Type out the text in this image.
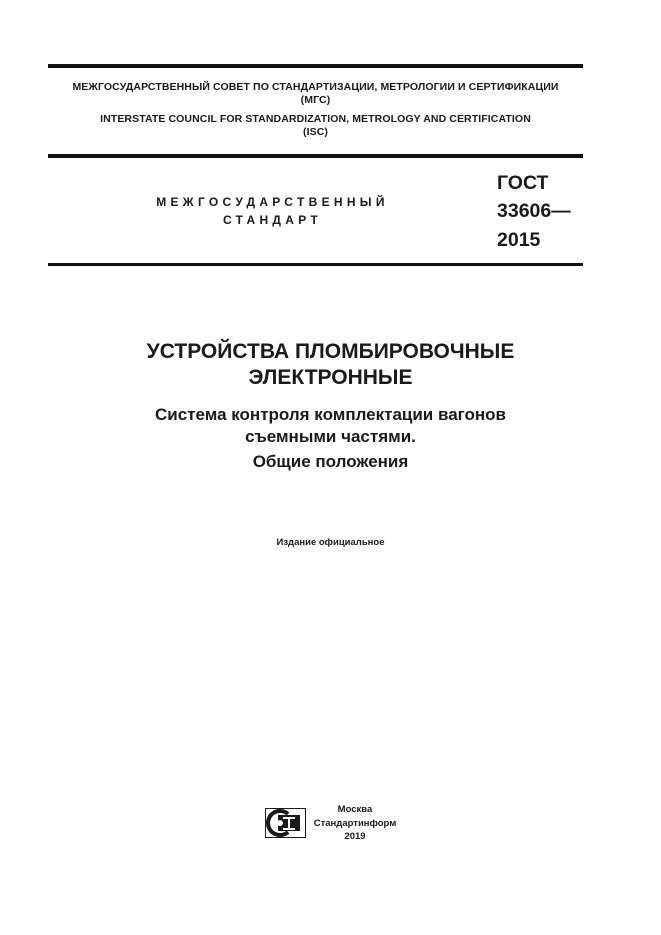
МЕЖГОСУДАРСТВЕННЫЙ СОВЕТ ПО СТАНДАРТИЗАЦИИ, МЕТРОЛОГИИ И СЕРТИФИКАЦИИ
(МГС)
INTERSTATE COUNCIL FOR STANDARDIZATION, METROLOGY AND CERTIFICATION
(ISC)
МЕЖГОСУДАРСТВЕННЫЙ
СТАНДАРТ
ГОСТ
33606—
2015
УСТРОЙСТВА ПЛОМБИРОВОЧНЫЕ
ЭЛЕКТРОННЫЕ
Система контроля комплектации вагонов
съемными частями.
Общие положения
Издание официальное
Москва
Стандартинформ
2019
